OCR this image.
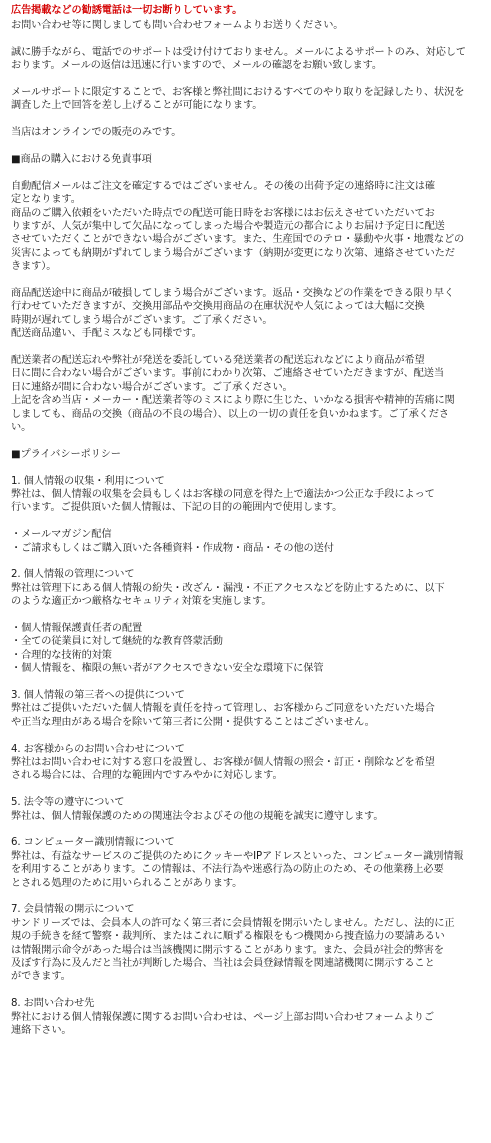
広告掲載などの勧誘電話は一切お断りしています。
お問い合わせ等に関しましても問い合わせフォームよりお送りください。
誠に勝手ながら、電話でのサポートは受け付けておりません。メールによるサポートのみ、対応して
おります。メールの返信は迅速に行いますので、メールの確認をお願い致します。
メールサポートに限定することで、お客様と弊社間におけるすべてのやり取りを記録したり、状況を
調査した上で回答を差し上げることが可能になります。
当店はオンラインでの販売のみです。
■商品の購入における免責事項
自動配信メールはご注文を確定するではございません。その後の出荷予定の連絡時に注文は確
定となります。
商品のご購入依頼をいただいた時点での配送可能日時をお客様にはお伝えさせていただいてお
りますが、人気が集中して欠品になってしまった場合や製造元の都合によりお届け予定日に配送
させていただくことができない場合がございます。また、生産国でのテロ・暴動や火事・地震などの
災害によっても納期がずれてしまう場合がございます（納期が変更になり次第、連絡させていただ
きます）。
商品配送途中に商品が破損してしまう場合がございます。返品・交換などの作業をできる限り早く
行わせていただきますが、交換用部品や交換用商品の在庫状況や人気によっては大幅に交換
時期が遅れてしまう場合がございます。ご了承ください。
配送商品違い、手配ミスなども同様です。
配送業者の配送忘れや弊社が発送を委託している発送業者の配送忘れなどにより商品が希望
日に間に合わない場合がございます。事前にわかり次第、ご連絡させていただきますが、配送当
日に連絡が間に合わない場合がございます。ご了承ください。
上記を含め当店・メーカー・配送業者等のミスにより際に生じた、いかなる損害や精神的苦痛に関
しましても、商品の交換（商品の不良の場合）、以上の一切の責任を負いかねます。ご了承くださ
い。
■プライバシーポリシー
1. 個人情報の収集・利用について
弊社は、個人情報の収集を会員もしくはお客様の同意を得た上で適法かつ公正な手段によって
行います。ご提供頂いた個人情報は、下記の目的の範囲内で使用します。
・メールマガジン配信
・ご請求もしくはご購入頂いた各種資料・作成物・商品・その他の送付
2. 個人情報の管理について
弊社は管理下にある個人情報の紛失・改ざん・漏洩・不正アクセスなどを防止するために、以下
のような適正かつ厳格なセキュリティ対策を実施します。
・個人情報保護責任者の配置
・全ての従業員に対して継続的な教育啓蒙活動
・合理的な技術的対策
・個人情報を、権限の無い者がアクセスできない安全な環境下に保管
3. 個人情報の第三者への提供について
弊社はご提供いただいた個人情報を責任を持って管理し、お客様からご同意をいただいた場合
や正当な理由がある場合を除いて第三者に公開・提供することはございません。
4. お客様からのお問い合わせについて
弊社はお問い合わせに対する窓口を設置し、お客様が個人情報の照会・訂正・削除などを希望
される場合には、合理的な範囲内ですみやかに対応します。
5. 法令等の遵守について
弊社は、個人情報保護のための関連法令およびその他の規範を誠実に遵守します。
6. コンピューター識別情報について
弊社は、有益なサービスのご提供のためにクッキーやIPアドレスといった、コンピューター識別情報
を利用することがあります。この情報は、不法行為や迷惑行為の防止のため、その他業務上必要
とされる処理のために用いられることがあります。
7. 会員情報の開示について
サンドリーズでは、会員本人の許可なく第三者に会員情報を開示いたしません。ただし、法的に正
規の手続きを経て警察・裁判所、またはこれに順ずる権限をもつ機関から捜査協力の要請あるい
は情報開示命令があった場合は当該機関に開示することがあります。また、会員が社会的弊害を
及ぼす行為に及んだと当社が判断した場合、当社は会員登録情報を関連諸機関に開示すること
ができます。
8. お問い合わせ先
弊社における個人情報保護に関するお問い合わせは、ページ上部お問い合わせフォームよりご
連絡下さい。
